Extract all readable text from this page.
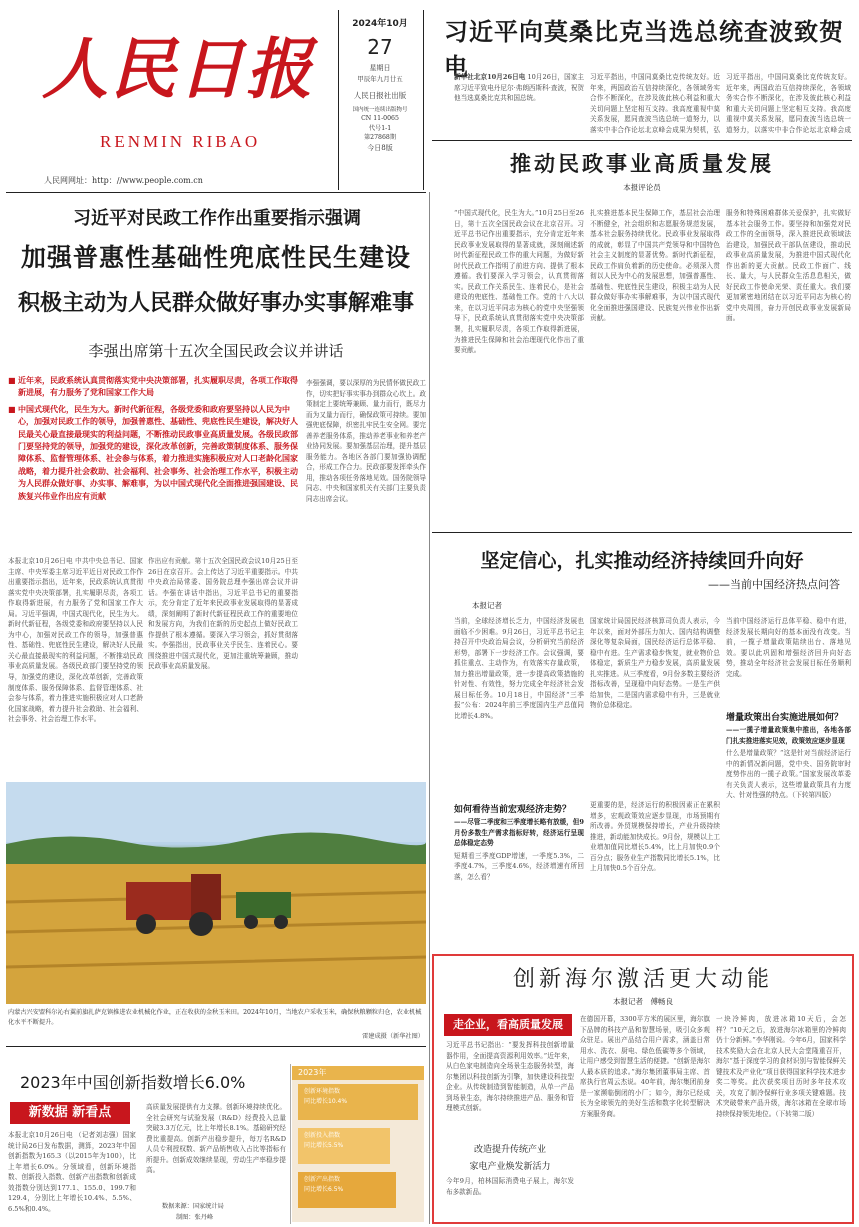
人民日报
RENMIN RIBAO
人民网网址：http：//www.people.com.cn
2024年10月
27
星期日
甲辰年九月廿五
人民日报社出版
国内统一连续出版物号
CN 11-0065
代号1-1
第27868期
今日8版
习近平向莫桑比克当选总统查波致贺电
新华社北京10月26日电 10月26日，国家主席习近平致电丹尼尔·弗朗西斯科·查波，祝贺他当选莫桑比克共和国总统。
习近平指出，中国同莫桑比克传统友好。近年来，两国政治互信持续深化，各领域务实合作不断深化，在涉及彼此核心利益和重大关切问题上坚定相互支持。我高度重视中莫关系发展，愿同查波当选总统一道努力，以落实中非合作论坛北京峰会成果为契机，弘
习近平指出，中国同莫桑比克传统友好。近年来，两国政治互信持续深化，各领域务实合作不断深化，在涉及彼此核心利益和重大关切问题上坚定相互支持。我高度重视中莫关系发展，愿同查波当选总统一道努力，以落实中非合作论坛北京峰会成
推动民政事业高质量发展
本报评论员
“中国式现代化，民生为大。”10月25日至26日，第十五次全国民政会议在北京召开。习近平总书记作出重要指示，充分肯定近年来民政事业发展取得的显著成就，深刻阐述新时代新征程民政工作的重大问题，为做好新时代民政工作指明了前进方向、提供了根本遵循。我们要深入学习领会，认真贯彻落实。民政工作关系民生、连着民心，是社会建设的兜底性、基础性工作。党的十八大以来，在以习近平同志为核心的党中央坚强领导下，民政系统认真贯彻落实党中央决策部署，扎实履职尽责，各项工作取得新进展，为推进民生保障和社会治理现代化作出了重要贡献。
扎实推进基本民生保障工作，基层社会治理不断健全，社会组织和志愿服务规范发展，基本社会服务持续优化。民政事业发展取得的成就，彰显了中国共产党领导和中国特色社会主义制度的显著优势。新时代新征程，民政工作肩负着新的历史使命。必须深入贯彻以人民为中心的发展思想，加强普惠性、基础性、兜底性民生建设，积极主动为人民群众做好事办实事解难事，为以中国式现代化全面推进强国建设、民族复兴伟业作出新贡献。
服务和特殊困难群体关爱保护，扎实做好基本社会服务工作。要坚持和加强党对民政工作的全面领导，深入推进民政领域法治建设，加强民政干部队伍建设，推动民政事业高质量发展，为推进中国式现代化作出新的更大贡献。民政工作面广、线长、量大，与人民群众生活息息相关，做好民政工作使命光荣、责任重大。我们要更加紧密地团结在以习近平同志为核心的党中央周围，奋力开创民政事业发展新局面。
习近平对民政工作作出重要指示强调
加强普惠性基础性兜底性民生建设
积极主动为人民群众做好事办实事解难事
李强出席第十五次全国民政会议并讲话
■ 近年来，民政系统认真贯彻落实党中央决策部署，扎实履职尽责，各项工作取得新进展，有力服务了党和国家工作大局
■ 中国式现代化，民生为大。新时代新征程，各级党委和政府要坚持以人民为中心，加强对民政工作的领导，加强普惠性、基础性、兜底性民生建设，解决好人民最关心最直接最现实的利益问题，不断推动民政事业高质量发展。各级民政部门要坚持党的领导，加强党的建设，深化改革创新，完善政策制度体系、服务保障体系、监督管理体系、社会参与体系，着力推进实施积极应对人口老龄化国家战略，着力提升社会救助、社会福利、社会事务、社会治理工作水平，积极主动为人民群众做好事、办实事、解难事，为以中国式现代化全面推进强国建设、民族复兴伟业作出应有贡献
本报北京10月26日电 中共中央总书记、国家主席、中央军委主席习近平近日对民政工作作出重要指示指出，近年来，民政系统认真贯彻落实党中央决策部署，扎实履职尽责，各项工作取得新进展，有力服务了党和国家工作大局。习近平强调，中国式现代化，民生为大。新时代新征程，各级党委和政府要坚持以人民为中心，加强对民政工作的领导，加强普惠性、基础性、兜底性民生建设，解决好人民最关心最直接最现实的利益问题，不断推动民政事业高质量发展。各级民政部门要坚持党的领导，加强党的建设，深化改革创新，完善政策制度体系、服务保障体系、监督管理体系、社会参与体系，着力推进实施积极应对人口老龄化国家战略，着力提升社会救助、社会福利、社会事务、社会治理工作水平。
作出应有贡献。第十五次全国民政会议10月25日至26日在京召开。会上传达了习近平重要指示。中共中央政治局常委、国务院总理李强出席会议并讲话。李强在讲话中指出，习近平总书记的重要指示，充分肯定了近年来民政事业发展取得的显著成绩，深刻阐明了新时代新征程民政工作的重要地位和发展方向，为我们在新的历史起点上做好民政工作提供了根本遵循。要深入学习领会，抓好贯彻落实。李强指出，民政事业关乎民生、连着民心。要围绕推进中国式现代化，更加注重统筹兼顾，推动民政事业高质量发展。
李强强调，要以深厚的为民情怀做民政工作，切实把好事实事办到群众心坎上。政策制定上要统筹兼顾、量力而行，既尽力而为又量力而行，确保政策可持续。要加强兜底保障，织密扎牢民生安全网。要完善养老服务体系，推动养老事业和养老产业协同发展。要加强基层治理，提升基层服务能力。各地区各部门要加强协调配合，形成工作合力。民政部要发挥牵头作用，推动各项任务落地见效。国务院领导同志、中央和国家机关有关部门主要负责同志出席会议。
内蒙古兴安盟科尔沁右翼前旗扎萨克镇推进农业机械化作业，正在收获的金秋玉米田。2024年10月，当地农户采收玉米，确保秋粮颗粒归仓，农业机械化水平不断提升。
雷建成摄（新华社图）
坚定信心，扎实推动经济持续回升向好
——当前中国经济热点问答
本报记者
当前，全球经济增长乏力，中国经济发展也面临不少困难。9月26日，习近平总书记主持召开中央政治局会议，分析研究当前经济形势，部署下一步经济工作。会议强调，要抓住重点、主动作为，有效落实存量政策，加力推出增量政策，进一步提高政策措施的针对性、有效性，努力完成全年经济社会发展目标任务。10月18日，中国经济“三季报”公布：2024年前三季度国内生产总值同比增长4.8%。
如何看待当前宏观经济走势？
——尽管二季度和三季度增长略有放缓，但9月份多数生产需求指标好转，经济运行呈现总体稳定态势
短期看三季度GDP增速，一季度5.3%，二季度4.7%，三季度4.6%，经济增速有所回落，怎么看？
国家统计局国民经济核算司负责人表示，今年以来，面对外部压力加大、国内结构调整深化等复杂局面，国民经济运行总体平稳、稳中有进。生产需求稳步恢复，就业物价总体稳定，新质生产力稳步发展，高质量发展扎实推进。从三季度看，9月份多数主要经济指标改善，呈现稳中向好态势。一是生产供给加快，二是国内需求稳中有升，三是就业物价总体稳定。
更重要的是，经济运行的积极因素正在累积增多，宏观政策效应逐步显现，市场预期有所改善。外贸规模保持增长，产业升级持续推进，新动能加快成长。9月份，规模以上工业增加值同比增长5.4%，比上月加快0.9个百分点；服务业生产指数同比增长5.1%，比上月加快0.5个百分点。
当前中国经济运行总体平稳、稳中有进，经济发展长期向好的基本面没有改变。当前，一揽子增量政策陆续出台、落地见效。要以此巩固和增强经济回升向好态势，推动全年经济社会发展目标任务顺利完成。
增量政策出台实施进展如何？
——一揽子增量政策集中推出，各地各部门扎实推进落实见效，政策效应逐步显现
什么是增量政策？“这是针对当前经济运行中的新情况新问题，党中央、国务院审时度势作出的一揽子政策。”国家发展改革委有关负责人表示，这些增量政策具有力度大、针对性强的特点。（下转第四版）
2023年中国创新指数增长6.0%
新数据 新看点
本报北京10月26日电 （记者刘志强）国家统计局26日发布数据，测算，2023年中国创新指数为165.3（以2015年为100），比上年增长6.0%。分领域看，创新环境指数、创新投入指数、创新产出指数和创新成效指数分别达到177.1、155.0、199.7和129.4，分别比上年增长10.4%、5.5%、6.5%和0.4%。
高质量发展提供有力支撑。创新环境持续优化。全社会研究与试验发展（R&D）经费投入总量突破3.3万亿元，比上年增长8.1%。基础研究经费比重提高。创新产出稳步提升，每万名R&D人员专利授权数、新产品销售收入占比等指标有所提升。创新成效继续显现，劳动生产率稳步提高。
数据来源：国家统计局
制图：张丹峰
2023年
创新环境指数
同比增长10.4%
创新投入指数
同比增长5.5%
创新产出指数
同比增长6.5%
创新海尔激活更大动能
本报记者　傅畅良
走企业，看高质量发展
习近平总书记指出：“要发挥科技创新增量器作用，全面提高资源利用效率。”近年来，从白色家电制造向全场景生态服务转型，海尔集团以科技创新为引擎，加快建设科技型企业。从传统制造到智能制造，从单一产品到场景生态，海尔持续推进产品、服务和管理模式创新。
改造提升传统产业
家电产业焕发新活力
今年9月，柏林国际消费电子展上，海尔发布多款新品。
在德国开幕，3300平方米的展区里，海尔旗下品牌的科技产品和智慧场景，吸引众多观众驻足。展出产品结合用户需求，涵盖日常用水、洗衣、厨电、绿色低碳等多个领域，让用户感受到智慧生活的便捷。“创新是海尔人最本质的追求。”海尔集团董事局主席、首席执行官周云杰说。40年前，海尔集团前身是一家濒临倒闭的小厂；如今，海尔已经成长为全球领先的美好生活和数字化转型解决方案服务商。
一块冷鲜肉，放进冰箱10天后，会怎样？“10天之后，放进海尔冰箱里的冷鲜肉仍十分新鲜。”李华刚说。今年6月，国家科学技术奖励大会在北京人民大会堂隆重召开，海尔“基于深度学习的食材识别与智能保鲜关键技术及产业化”项目获得国家科学技术进步奖二等奖。此次获奖项目历时多年技术攻关，攻克了制冷保鲜行业多项关键难题。技术突破带来产品升级，海尔冰箱在全球市场持续保持领先地位。（下转第二版）
